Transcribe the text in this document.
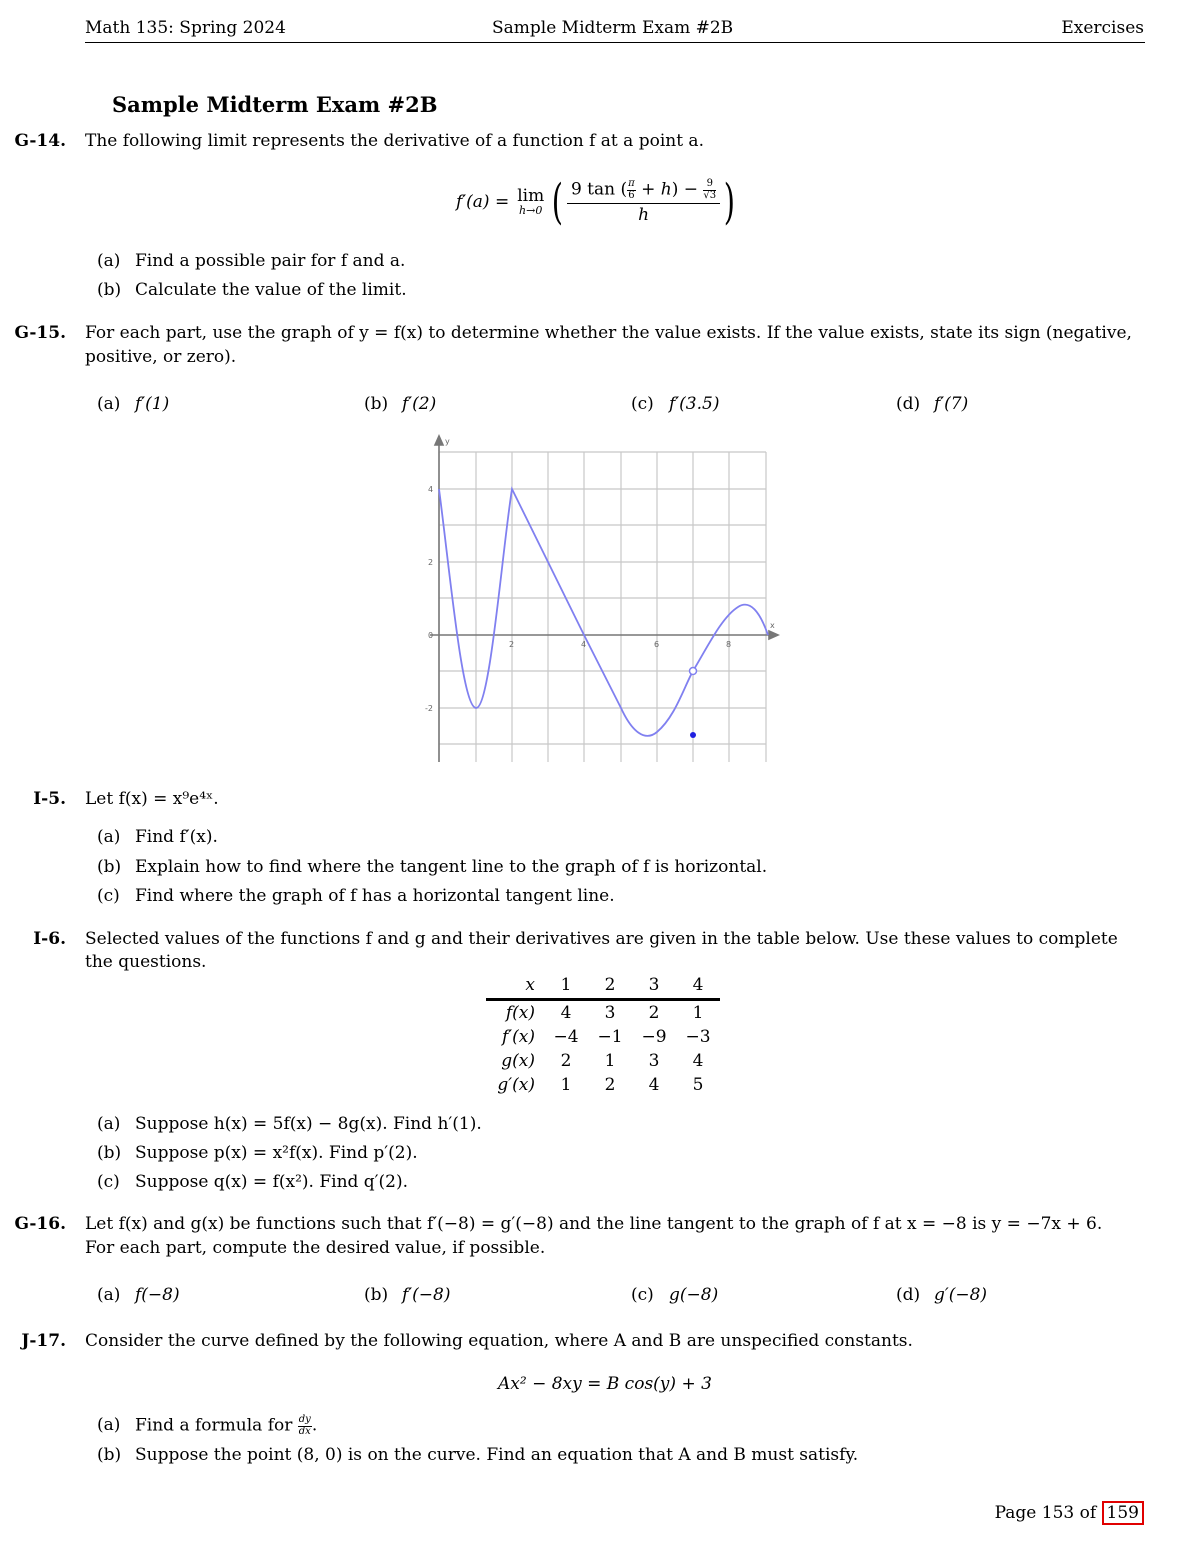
Math 135: Spring 2024	Sample Midterm Exam #2B	Exercises
Sample Midterm Exam #2B
G-14. The following limit represents the derivative of a function f at a point a.
f′(a) = lim
h→0 ( $\frac{9 \tan ( \frac{\pi}{6} + h) - \frac{9}{√3}}{h}$ )
(a) Find a possible pair for f and a.
(b) Calculate the value of the limit.
G-15. For each part, use the graph of y = f(x) to determine whether the value exists. If the value exists, state its sign (negative,
positive, or zero).
(a) f′(1)	(b) f′(2)	(c) f′(3.5)	(d) f′(7)
y
x
2	4	6	8
4
2
0
-2
I-5. Let f(x) = x⁹e⁴ˣ.
(a) Find f′(x).
(b) Explain how to find where the tangent line to the graph of f is horizontal.
(c) Find where the graph of f has a horizontal tangent line.
I-6. Selected values of the functions f and g and their derivatives are given in the table below. Use these values to complete
the questions.
x	1	2	3	4
f(x)	4	3	2	1
f′(x)	−4	−1	−9	−3
g(x)	2	1	3	4
g′(x)	1	2	4	5
(a) Suppose h(x) = 5f(x) − 8g(x). Find h′(1).
(b) Suppose p(x) = x²f(x). Find p′(2).
(c) Suppose q(x) = f(x²). Find q′(2).
G-16. Let f(x) and g(x) be functions such that f′(−8) = g′(−8) and the line tangent to the graph of f at x = −8 is y = −7x + 6.
For each part, compute the desired value, if possible.
(a) f(−8)	(b) f′(−8)	(c) g(−8)	(d) g′(−8)
J-17. Consider the curve defined by the following equation, where A and B are unspecified constants.
Ax² − 8xy = B cos(y) + 3
(a) Find a formula for $\frac{dy}{dx}$.
(b) Suppose the point (8, 0) is on the curve. Find an equation that A and B must satisfy.
Page 153 of 159
